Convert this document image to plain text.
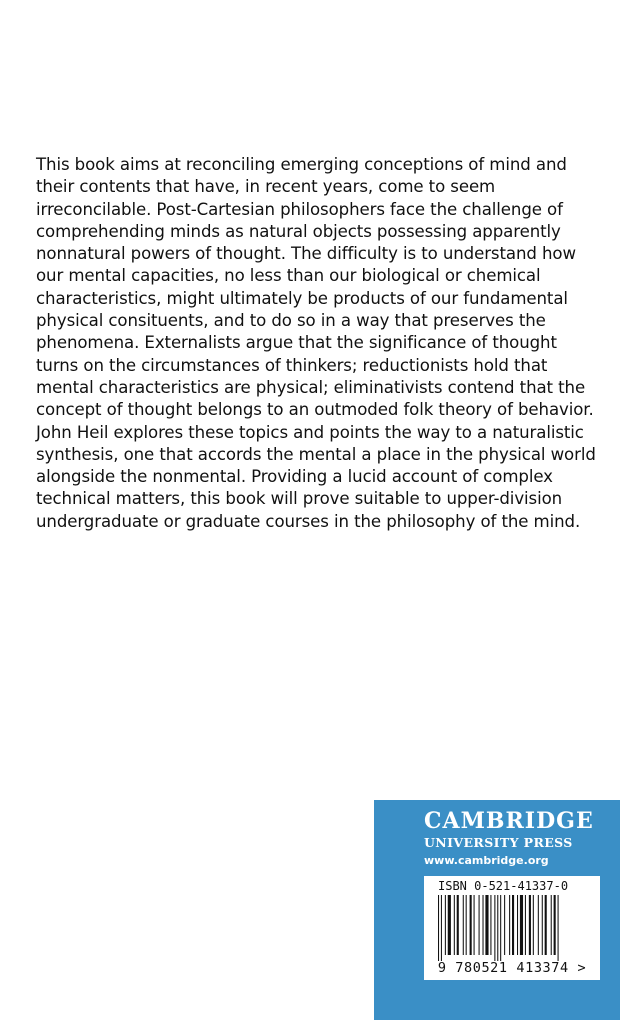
This book aims at reconciling emerging conceptions of mind and their contents that have, in recent years, come to seem irreconcilable. Post-Cartesian philosophers face the challenge of comprehending minds as natural objects possessing apparently nonnatural powers of thought. The difficulty is to understand how our mental capacities, no less than our biological or chemical characteristics, might ultimately be products of our fundamental physical consituents, and to do so in a way that preserves the phenomena. Externalists argue that the significance of thought turns on the circumstances of thinkers; reductionists hold that mental characteristics are physical; eliminativists contend that the concept of thought belongs to an outmoded folk theory of behavior.

John Heil explores these topics and points the way to a naturalistic synthesis, one that accords the mental a place in the physical world alongside the nonmental. Providing a lucid account of complex technical matters, this book will prove suitable to upper-division undergraduate or graduate courses in the philosophy of the mind.

CAMBRIDGE
UNIVERSITY PRESS
www.cambridge.org
ISBN 0-521-41337-0
9 780521 413374 >
